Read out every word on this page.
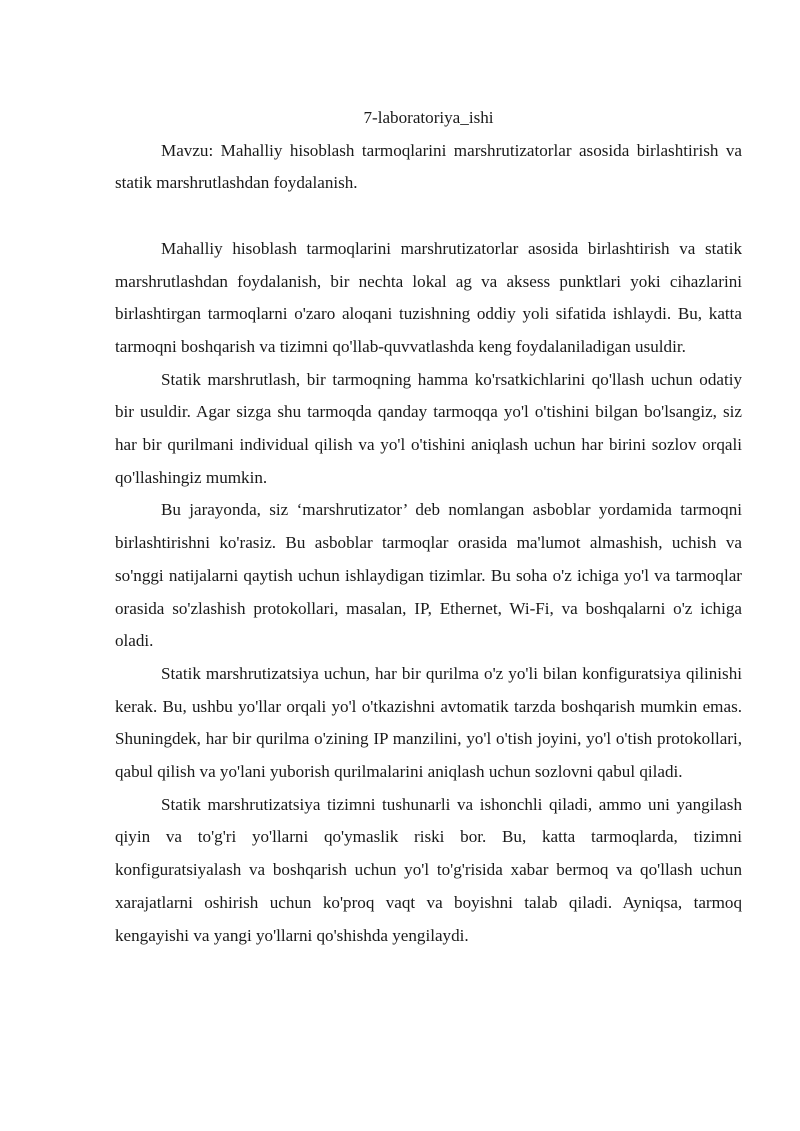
7-laboratoriya_ishi

Mavzu: Mahalliy hisoblash tarmoqlarini marshrutizatorlar asosida birlashtirish va statik marshrutlashdan foydalanish.

Mahalliy hisoblash tarmoqlarini marshrutizatorlar asosida birlashtirish va statik marshrutlashdan foydalanish, bir nechta lokal ag va aksess punktlari yoki cihazlarini birlashtirgan tarmoqlarni o'zaro aloqani tuzishning oddiy yoli sifatida ishlaydi. Bu, katta tarmoqni boshqarish va tizimni qo'llab-quvvatlashda keng foydalaniladigan usuldir.

Statik marshrutlash, bir tarmoqning hamma ko'rsatkichlarini qo'llash uchun odatiy bir usuldir. Agar sizga shu tarmoqda qanday tarmoqqa yo'l o'tishini bilgan bo'lsangiz, siz har bir qurilmani individual qilish va yo'l o'tishini aniqlash uchun har birini sozlov orqali qo'llashingiz mumkin.

Bu jarayonda, siz ‘marshrutizator’ deb nomlangan asboblar yordamida tarmoqni birlashtirishni ko'rasiz. Bu asboblar tarmoqlar orasida ma'lumot almashish, uchish va so'nggi natijalarni qaytish uchun ishlaydigan tizimlar. Bu soha o'z ichiga yo'l va tarmoqlar orasida so'zlashish protokollari, masalan, IP, Ethernet, Wi-Fi, va boshqalarni o'z ichiga oladi.

Statik marshrutizatsiya uchun, har bir qurilma o'z yo'li bilan konfiguratsiya qilinishi kerak. Bu, ushbu yo'llar orqali yo'l o'tkazishni avtomatik tarzda boshqarish mumkin emas. Shuningdek, har bir qurilma o'zining IP manzilini, yo'l o'tish joyini, yo'l o'tish protokollari, qabul qilish va yo'lani yuborish qurilmalarini aniqlash uchun sozlovni qabul qiladi.

Statik marshrutizatsiya tizimni tushunarli va ishonchli qiladi, ammo uni yangilash qiyin va to'g'ri yo'llarni qo'ymaslik riski bor. Bu, katta tarmoqlarda, tizimni konfiguratsiyalash va boshqarish uchun yo'l to'g'risida xabar bermoq va qo'llash uchun xarajatlarni oshirish uchun ko'proq vaqt va boyishni talab qiladi. Ayniqsa, tarmoq kengayishi va yangi yo'llarni qo'shishda yengilaydi.
